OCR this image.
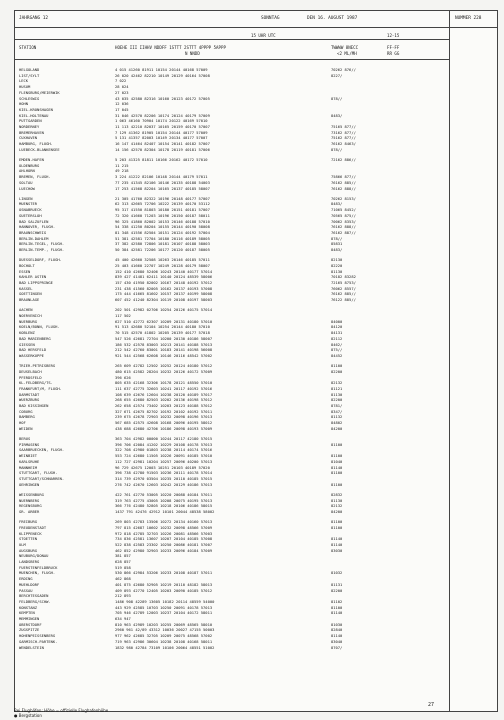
JAHRGANG 12	SONNTAG	DEN 16. AUGUST 1987	NUMMER 228
15 UHR UTC	12-15
STATION	HOEHE III IIHHV NDDFF 1STTT 2STTT 4PPPP 5APPP
N NNDD
TWWWW 8NECC
<2 ML/MH
FF-FF
RR GG
HELGOLAND	4 015 41260 81911 10154 20144 40168 57009	70262 876//
LIST/SYLT	26 020 42462 82210 10149 20129 40164 57008	8227/
LECK	7 022
HUSUM	28 024
FLENSBURG/MEIERWIK	27 023
SCHLESWIG	43 035 42580 82316 10160 20123 40172 57005	878//
HOHN	12 036
KIEL-KRONSHAGEN	17 045
KIEL-HOLTENAU	31 046 42570 82206 10174 20124 40179 57009	8483/
PUTTGARDEN	1 063 46160 70904 10174 20122 40169 57010
NORDERNEY	11 113 42210 82037 10165 20159 40170 57007	75165 877//
BREMERHAVEN	7 129 41362 81905 10154 20144 40177 57009	73162 877//
CUXHAVEN	5 131 41357 82003 10149 20134 40177 57007	75162 877//
HAMBURG, FLUGH.	16 147 41464 82407 10154 20141 40182 57007	76162 8463/
LUEBECK-BLANKENSEE	14 156 42570 82304 10178 20119 40181 57006	878//
EMDEN-HAFEN	5 203 41325 81811 10166 20162 40172 57010	72162 886//
OLDENBURG	11 215
AHLHORN	49 218
BREMEN, FLUGH.	3 224 41222 82106 10148 20144 40179 57011	75866 877//
SOLTAU	77 235 41345 82106 10146 20135 40188 54003	76162 885//
LUECHOW	17 253 41568 82204 10165 20137 40185 58007	76162 888//
LINGEN	21 305 41760 82322 10196 20148 40177 57007	70262 8153/
MUENSTER	62 313 42665 72706 10222 20139 40170 53112	8483/
OSNABRUECK	95 317 41550 81803 10180 20151 40181 57007	71065 8452/
GUETERSLOH	72 320 41660 71203 10196 20150 40187 58011	70565 875//
BAD SALZUFLEN	96 325 41860 82002 10153 20146 40188 57010	70062 8353/
HANNOVER, FLUGH.	54 338 41250 80204 10155 20144 40190 58008	76162 888//
BRAUNSCHWEIG	81 348 41556 82504 10151 20124 40192 57004	76162 887//
BERLIN-DAHLEM	51 381 42581 72704 10180 20116 40189 58005	878//
BERLIN-TEGEL, FLUGH.	37 382 42580 72806 10181 20107 40188 58003	85831
BERLIN-TEMP., FLUGH.	50 384 42581 72206 10177 20120 40187 58005	8483/
DUESSELDORF, FLUGH.	45 400 42660 32508 10263 20146 40185 57011	82130
BOCHOLT	25 403 41660 22707 10249 20128 40179 58007	82220
ESSEN	152 410 42680 52406 10243 20140 40177 57014	81130
KAHLER ASTEN	839 427 41481 62411 10140 20124 48539 58006	70182 83282
BAD LIPPSPRINGE	157 430 41950 82002 10167 20148 40192 57012	72165 8753/
KASSEL	231 438 41560 82005 10162 20137 40193 57008	76062 8557/
GOETTINGEN	175 444 41665 81602 10157 20137 40199 58008	76162 885//
BRAUNLAGE	607 452 41240 82304 10119 20108 40197 58003	76122 885//
AACHEN	202 501 42982 02706 10254 20126 40175 57014
NOERVENICH	117 502
NUERBURG	627 510 42772 62307 10209 20131 40180 57010	84000
KOELN/BONN, FLUGH.	91 513 42680 52104 10254 20144 40180 57010	84120
KOBLENZ	70 515 42570 41802 10205 20139 40177 57018	84131
BAD MARIENBERG	547 526 42681 72704 10200 20130 40186 58007	82112
GIESSEN	186 532 42578 83003 10213 20141 40188 57013	8462/
BAD HERSFELD	212 542 42760 83001 10183 20141 40198 56008	875//
WASSERKUPPE	921 544 42568 62608 10146 20116 48542 57002	84452
TRIER-PETRISBERG	265 609 42782 12502 10252 20124 40180 57012	81100
DEUSELBACH	480 615 42582 28204 10232 20126 40172 57009	82200
PFERDSFELD	396 626
KL.FELDBERG/TS.	805 635 42168 32306 10178 20121 48550 57010	82132
FRANKFURT/M, FLUGH.	111 637 42775 32603 10241 20117 40192 57016	81121
DARMSTADT	108 639 42676 12604 10238 20120 40189 57017	81130
WUERZBURG	268 655 42680 82503 10202 20136 40198 57012	82200
BAD KISSINGEN	262 658 42574 73402 10203 20123 40188 57012	8781/
COBURG	327 671 42675 82702 10192 20102 40192 57011	8347/
BAMBERG	239 675 42678 72903 10232 20098 40196 57013	81132
HOF	567 685 42575 42608 10168 20096 40195 58012	84802
WEIDEN	438 688 42680 42706 10186 20098 40193 57009	84200
BERUS	363 704 42982 00000 10244 20117 42180 57015
PIRMASENS	396 706 42084 41202 10229 20108 40178 57013	81100
SAARBRUECKEN, FLUGH.	322 708 42980 01803 10238 20114 40174 57016
WEINBIET	553 724 42680 11505 10226 20091 40185 57010	81100
KARLSRUHE	112 727 42981 10204 10257 20096 40200 57013	81040
MANNHEIM	96 729 42675 12003 10251 20103 40189 57020	81140
STUTTGART, FLUGH.	396 738 42780 91503 10236 20111 40178 57014	81100
STUTTGART/SCHNARREN.	314 739 42970 03504 10235 20110 40185 57015
OEHRINGEN	276 742 42670 12603 10242 20129 40186 57013	81100
WEISSENBURG	422 761 42770 53005 10220 20088 40184 57011	82832
NUERNBERG	319 763 42775 43005 10208 20075 40195 57013	81130
REGENSBURG	366 776 42480 52805 10218 20106 40186 58015	82132
GR. ARBER	1437 791 42476 42912 10101 20044 48538 58002	84200
FREIBURG	269 803 42783 13506 10272 20134 40160 57013	81100
FREUDENSTADT	797 815 42687 10602 10232 20098 48566 57009	81100
KLIPPENECK	972 818 42785 32703 10226 20081 48566 57003
STOETTEN	734 836 42581 13607 10207 20104 40185 57008	81140
ULM	522 838 42583 23302 10250 20086 40181 57007	81140
AUGSBURG	462 852 42980 32903 10233 20096 40184 57009	83030
NEUBURG/DONAU	381 857
LANDSBERG	628 857
FUERSTENFELDBRUCK	519 858
MUENCHEN, FLUGH.	530 866 42984 53206 10233 20108 40187 57011	81032
ERDING	462 868
MUEHLDORF	401 875 42680 52905 10219 20110 48182 58013	81131
PASSAU	409 893 42770 12405 10203 20090 40185 57012	82200
BERCHTESGADEN	212 893
FELDBERG/SCHW.	1486 908 42289 13605 10182 20114 48559 54000	81102
KONSTANZ	443 929 42585 10703 10250 20091 40178 57013	81100
KEMPTEN	705 946 42789 12003 10237 20104 40172 58011	81140
MEMMINGEN	634 947
OBERSTDORF	810 963 42989 10203 10255 20069 48565 58010	81030
ZUGSPITZE	2960 961 42/89 43312 10036 20027 47155 50003	82840
HOHENPEISSENBERG	977 962 42685 32705 10209 20075 48568 57002	81140
GARMISCH-PARTENK.	719 963 42986 30604 10238 20108 40168 58011	83040
WENDELSTEIN	1832 980 42784 73109 10106 20064 48551 51002	8707/
Bei Flughäfen: Höhe = offizielle Flughafenhöhe
● Bergstation
27
